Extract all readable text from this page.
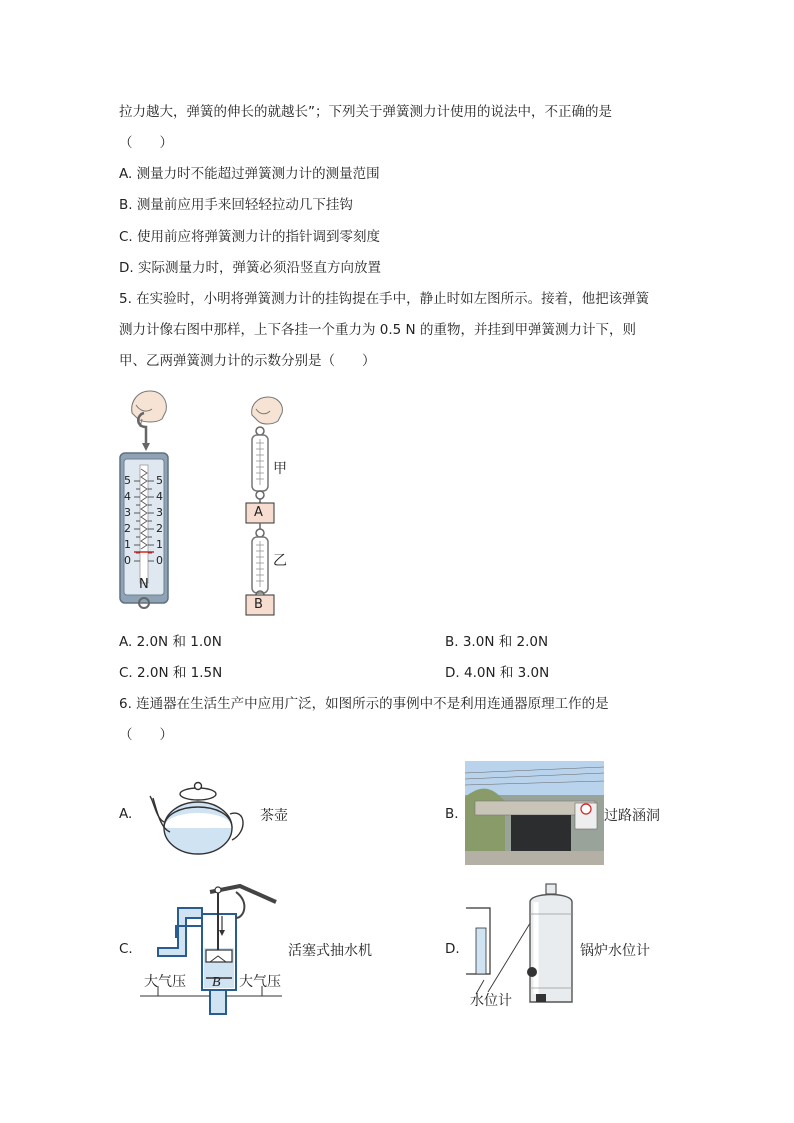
拉力越大，弹簧的伸长的就越长”；下列关于弹簧测力计使用的说法中，不正确的是
（　　）
A. 测量力时不能超过弹簧测力计的测量范围
B. 测量前应用手来回轻轻拉动几下挂钩
C. 使用前应将弹簧测力计的指针调到零刻度
D. 实际测量力时，弹簧必须沿竖直方向放置
5. 在实验时，小明将弹簧测力计的挂钩提在手中，静止时如左图所示。接着，他把该弹簧
测力计像右图中那样，上下各挂一个重力为 0.5 N 的重物，并挂到甲弹簧测力计下，则
甲、乙两弹簧测力计的示数分别是（　　）
5
4
3
2
1
0
5
4
3
2
1
0
N
甲
乙
A
B
A. 2.0N 和 1.0N	B. 3.0N 和 2.0N
C. 2.0N 和 1.5N	D. 4.0N 和 3.0N
6. 连通器在生活生产中应用广泛，如图所示的事例中不是利用连通器原理工作的是
（　　）
A.	茶壶	B.	过路涵洞
C.
大气压	大气压
B
活塞式抽水机	D.
水位计
锅炉水位计
